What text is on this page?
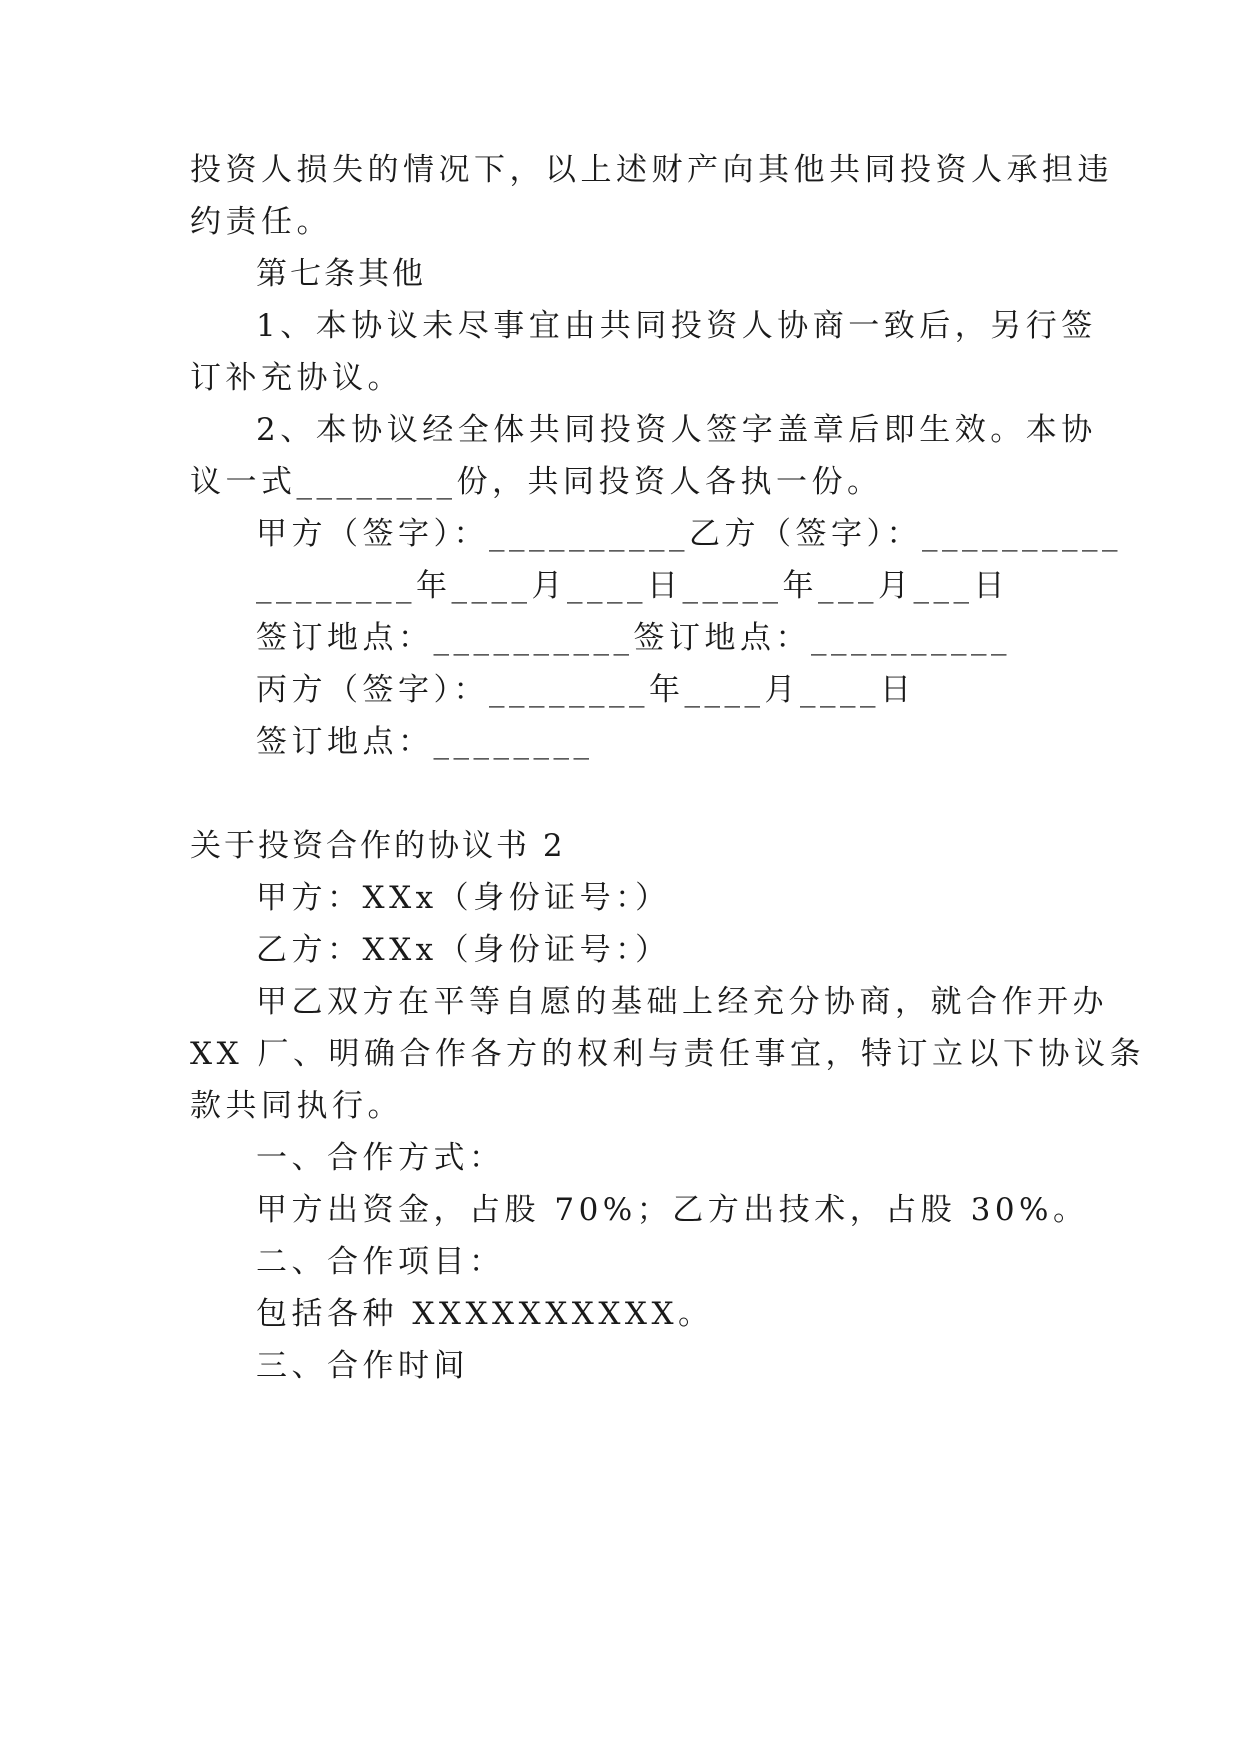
投资人损失的情况下，以上述财产向其他共同投资人承担违
约责任。
第七条其他
1、本协议未尽事宜由共同投资人协商一致后，另行签
订补充协议。
2、本协议经全体共同投资人签字盖章后即生效。本协
议一式________份，共同投资人各执一份。
甲方（签字）：__________乙方（签字）：__________
________年____月____日_____年___月___日
签订地点：__________签订地点：__________
丙方（签字）：________年____月____日
签订地点：________
关于投资合作的协议书 2
甲方：XXx（身份证号：）
乙方：XXx（身份证号：）
甲乙双方在平等自愿的基础上经充分协商，就合作开办
XX 厂、明确合作各方的权利与责任事宜，特订立以下协议条
款共同执行。
一、合作方式：
甲方出资金，占股 70%；乙方出技术，占股 30%。
二、合作项目：
包括各种 XXXXXXXXXX。
三、合作时间
